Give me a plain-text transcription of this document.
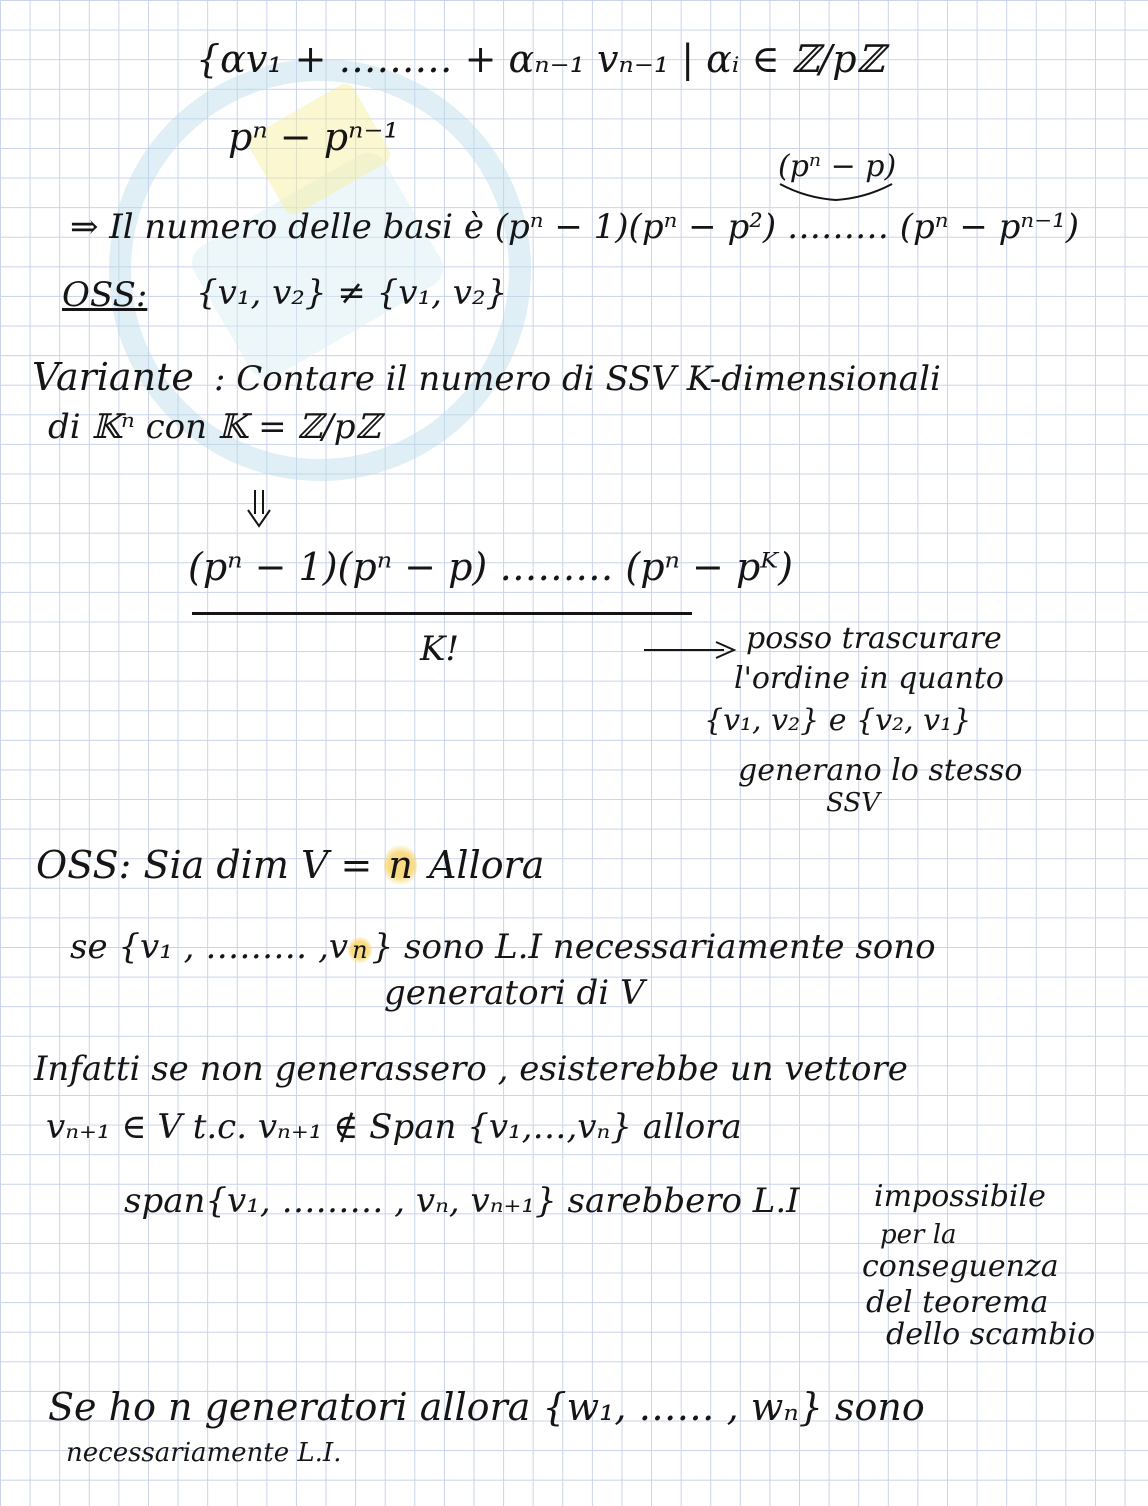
{αv₁ + ……… + αₙ₋₁ vₙ₋₁ | αᵢ ∈ ℤ/pℤ
pⁿ − pⁿ⁻¹
(pⁿ − p)
⇒ Il numero delle basi è (pⁿ − 1)(pⁿ − p²) ……… (pⁿ − pⁿ⁻¹)
OSS: {v₁, v₂} ≠ {v₁, v₂}
Variante : Contare il numero di SSV K-dimensionali
di 𝕂ⁿ con 𝕂 = ℤ/pℤ
(pⁿ − 1)(pⁿ − p) ……… (pⁿ − pᴷ)
K!	posso trascurare
l'ordine in quanto
{v₁, v₂} e {v₂, v₁}
generano lo stesso
SSV
OSS: Sia dim V = n Allora
se {v₁ , ……… ,v n } sono L.I necessariamente sono
generatori di V
Infatti se non generassero , esisterebbe un vettore
vₙ₊₁ ∈ V t.c. vₙ₊₁ ∉ Span {v₁,…,vₙ} allora
span{v₁, ……… , vₙ, vₙ₊₁} sarebbero L.I impossibile
per la
conseguenza
del teorema
dello scambio
Se ho n generatori allora {w₁, …… , wₙ} sono
necessariamente L.I.
